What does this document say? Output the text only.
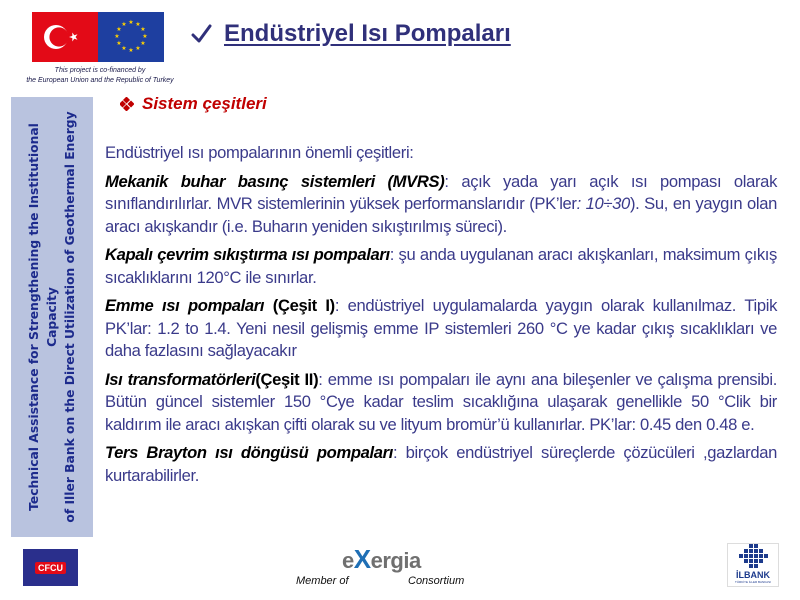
★ ★
★
★
★
★
★
★
★
★
★
★
This project is co-financed by
the European Union and the Republic of Turkey
Endüstriyel Isı Pompaları
Technical Assistance for Strengthening the Institutional Capacity of Iller Bank on the Direct Utilization of Geothermal Energy
Sistem çeşitleri

Endüstriyel ısı pompalarının önemli çeşitleri:

Mekanik buhar basınç sistemleri (MVRS): açık yada yarı açık ısı pompası olarak sınıflandırılırlar. MVR sistemlerinin yüksek performanslarıdır (PK’ler: 10÷30). Su, en yaygın olan aracı akışkandır (i.e. Buharın yeniden sıkıştırılmış süreci).

Kapalı çevrim sıkıştırma ısı pompaları: şu anda uygulanan aracı akışkanları, maksimum çıkış sıcaklıklarını 120°C ile sınırlar.

Emme ısı pompaları (Çeşit I): endüstriyel uygulamalarda yaygın olarak kullanılmaz. Tipik PK’lar: 1.2 to 1.4. Yeni nesil gelişmiş emme IP sistemleri 260 °C ye kadar çıkış sıcaklıkları ve daha fazlasını sağlayacakır

Isı transformatörleri(Çeşit II): emme ısı pompaları ile aynı ana bileşenler ve çalışma prensibi. Bütün güncel sistemler 150 °Cye kadar teslim sıcaklığına ulaşarak genellikle 50 °Clik bir kaldırım ile aracı akışkan çifti olarak su ve lityum bromür’ü kullanırlar. PK’lar: 0.45 den 0.48 e.

Ters Brayton ısı döngüsü pompaları: birçok endüstriyel süreçlerde çözücüleri ,gazlardan kurtarabilirler.

CFCU	eXergia
Member of	Consortium	İLBANK
TÜRKİYE İLLER BANKASI
